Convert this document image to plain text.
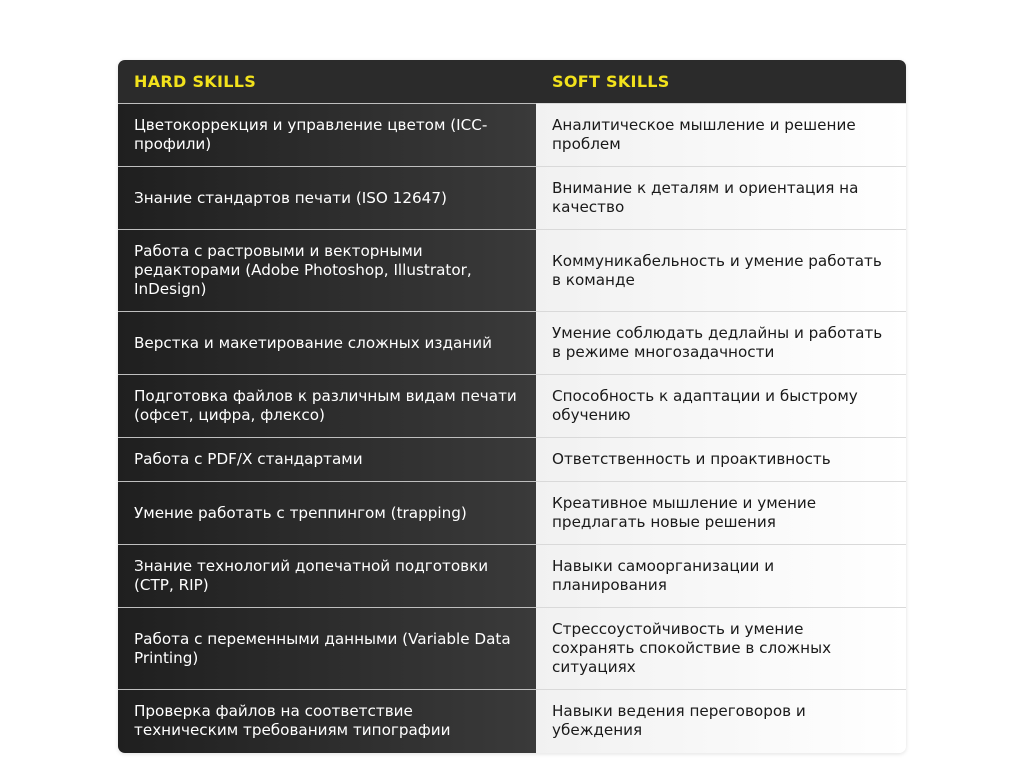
HARD SKILLS	SOFT SKILLS
Цветокоррекция и управление цветом (ICC-профили)	Аналитическое мышление и решение проблем
Знание стандартов печати (ISO 12647)	Внимание к деталям и ориентация на качество
Работа с растровыми и векторными редакторами (Adobe Photoshop, Illustrator, InDesign)	Коммуникабельность и умение работать в команде
Верстка и макетирование сложных изданий	Умение соблюдать дедлайны и работать в режиме многозадачности
Подготовка файлов к различным видам печати (офсет, цифра, флексо)	Способность к адаптации и быстрому обучению
Работа с PDF/X стандартами	Ответственность и проактивность
Умение работать с треппингом (trapping)	Креативное мышление и умение предлагать новые решения
Знание технологий допечатной подготовки (CTP, RIP)	Навыки самоорганизации и планирования
Работа с переменными данными (Variable Data Printing)	Стрессоустойчивость и умение сохранять спокойствие в сложных ситуациях
Проверка файлов на соответствие техническим требованиям типографии	Навыки ведения переговоров и убеждения
